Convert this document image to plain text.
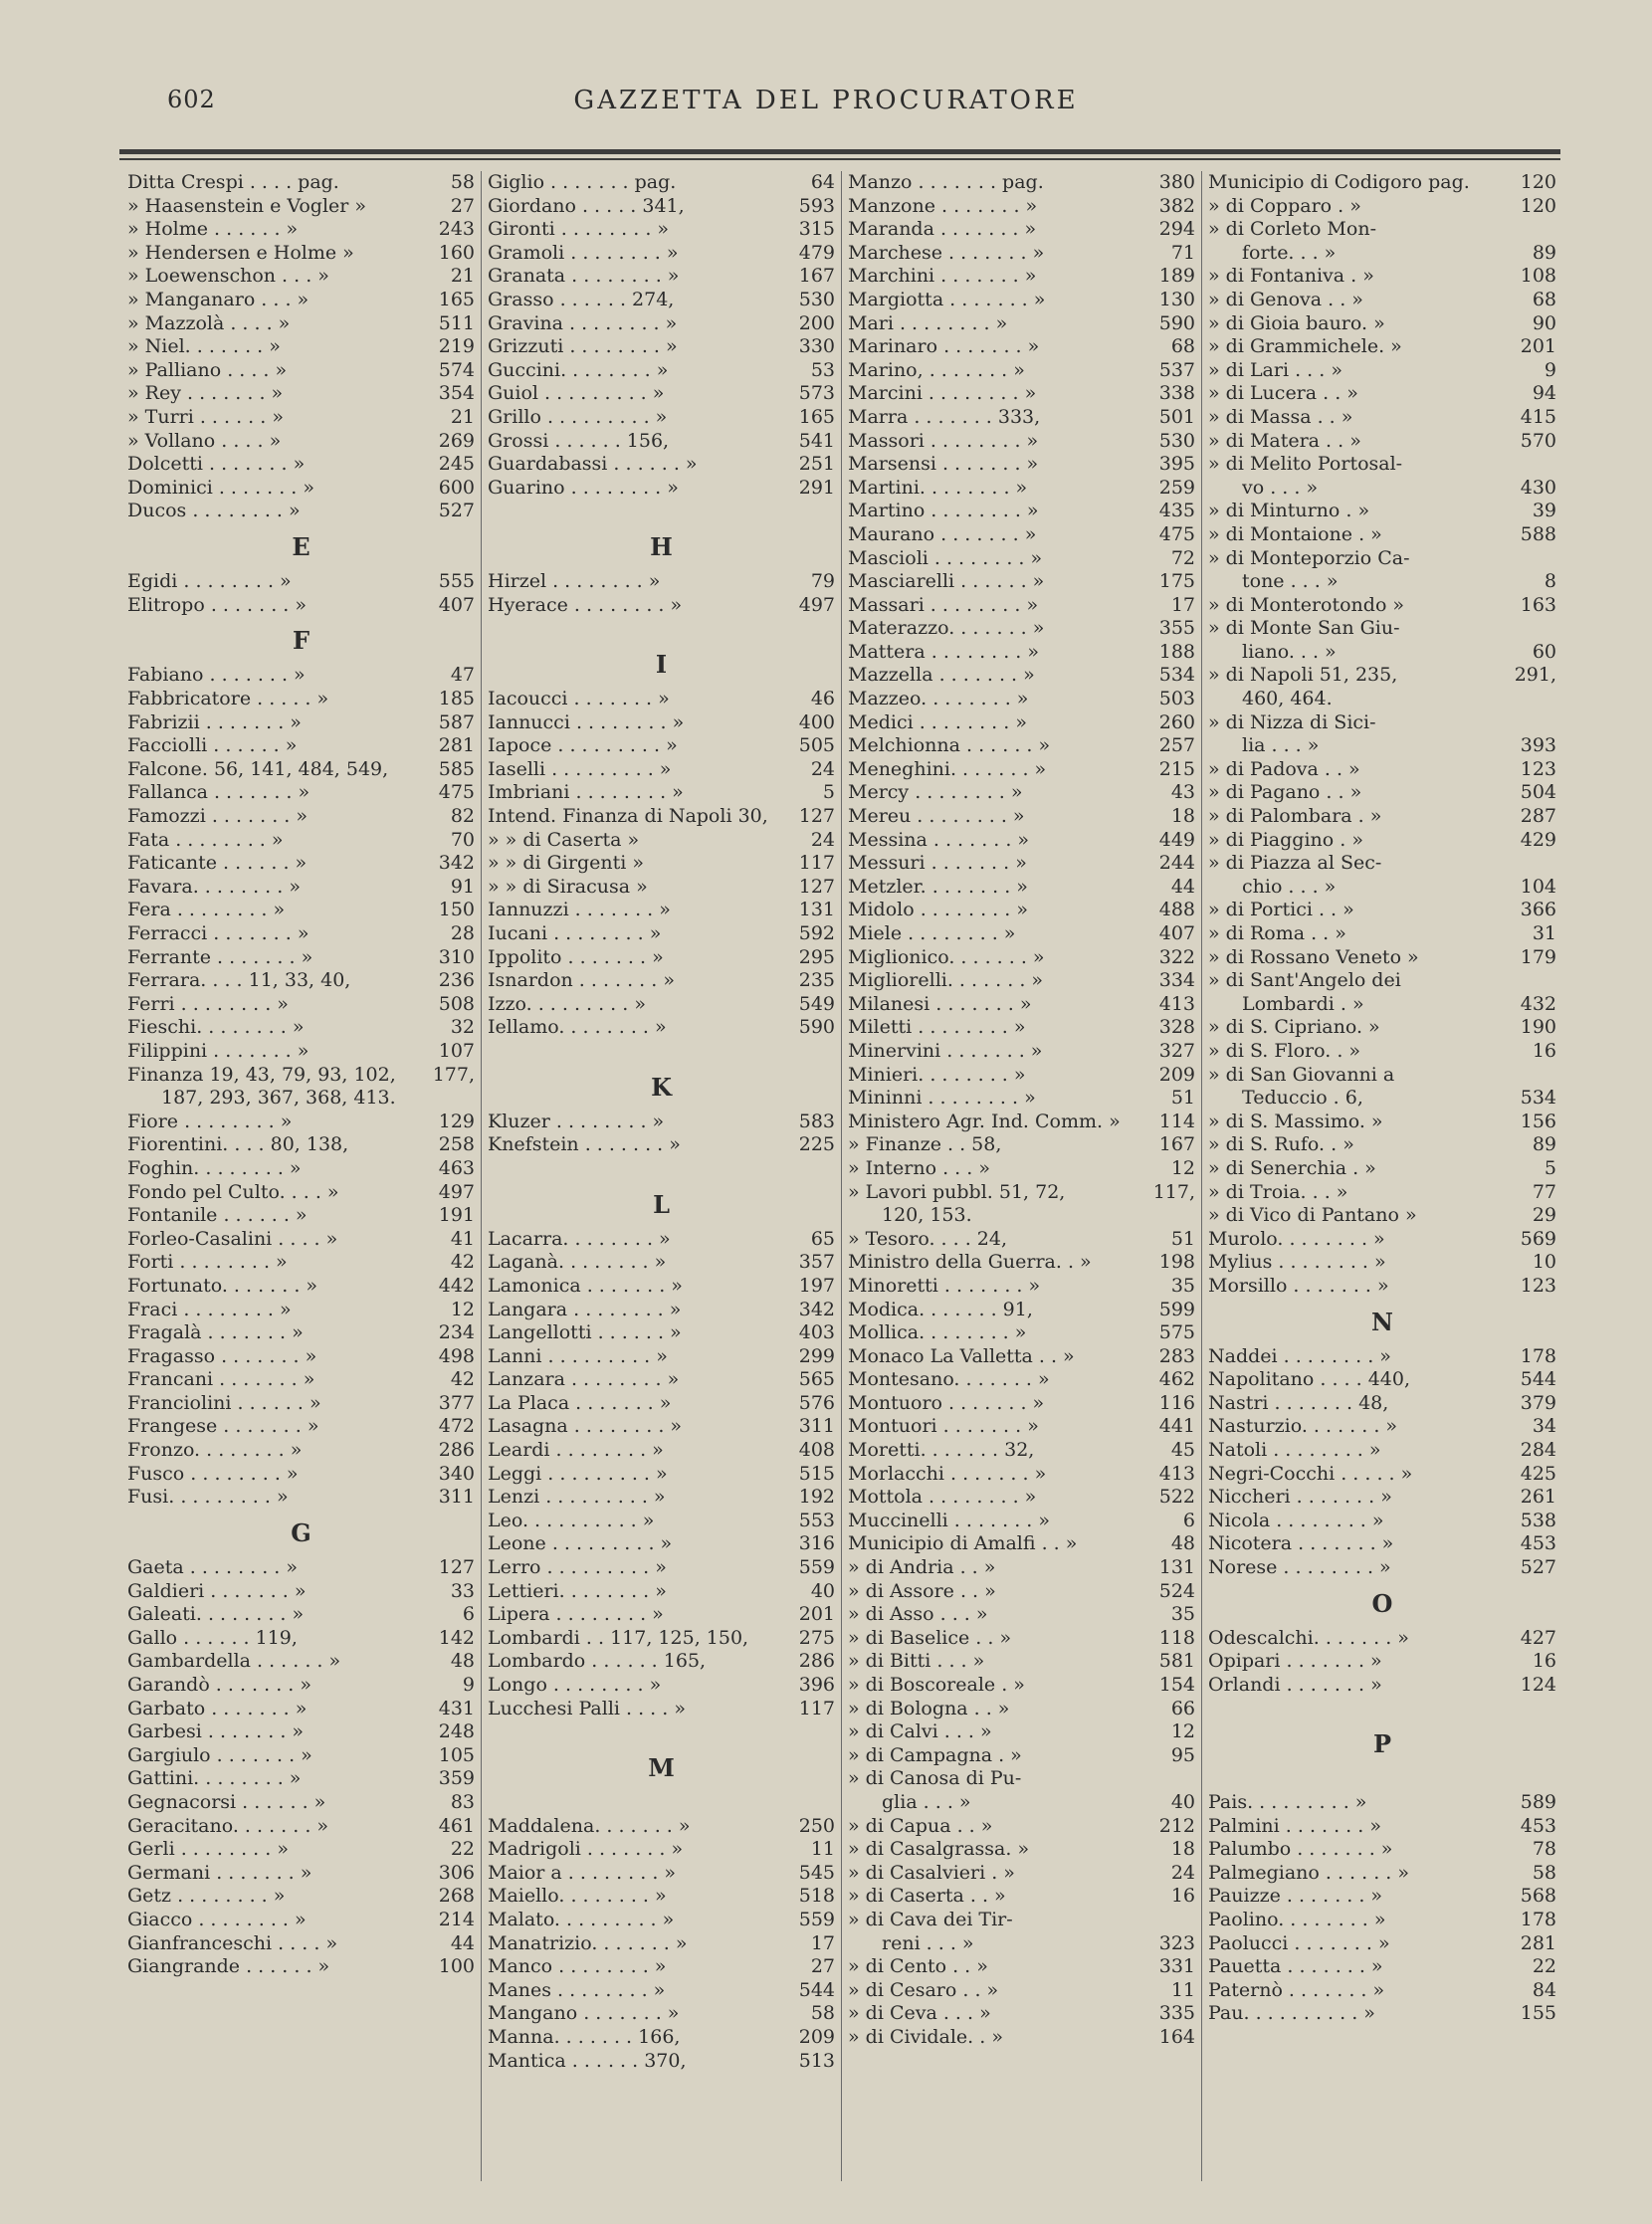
602	GAZZETTA DEL PROCURATORE
Ditta Crespi . . . . pag.	58
» Haasenstein e Vogler »	27
» Holme . . . . . . »	243
» Hendersen e Holme »	160
» Loewenschon . . . »	21
» Manganaro . . . »	165
» Mazzolà . . . . »	511
» Niel. . . . . . . »	219
» Palliano . . . . »	574
» Rey . . . . . . . »	354
» Turri . . . . . . »	21
» Vollano . . . . »	269
Dolcetti . . . . . . . »	245
Dominici . . . . . . . »	600
Ducos . . . . . . . . »	527
E
Egidi . . . . . . . . »	555
Elitropo . . . . . . . »	407
F
Fabiano . . . . . . . »	47
Fabbricatore . . . . . »	185
Fabrizii . . . . . . . »	587
Facciolli . . . . . . »	281
Falcone. 56, 141, 484, 549,	585
Fallanca . . . . . . . »	475
Famozzi . . . . . . . »	82
Fata . . . . . . . . »	70
Faticante . . . . . . »	342
Favara. . . . . . . . »	91
Fera . . . . . . . . »	150
Ferracci . . . . . . . »	28
Ferrante . . . . . . . »	310
Ferrara. . . . 11, 33, 40,	236
Ferri . . . . . . . . »	508
Fieschi. . . . . . . . »	32
Filippini . . . . . . . »	107
Finanza 19, 43, 79, 93, 102,	177,
187, 293, 367, 368, 413.
Fiore . . . . . . . . »	129
Fiorentini. . . . 80, 138,	258
Foghin. . . . . . . . »	463
Fondo pel Culto. . . . »	497
Fontanile . . . . . . »	191
Forleo-Casalini . . . . »	41
Forti . . . . . . . . »	42
Fortunato. . . . . . . »	442
Fraci . . . . . . . . »	12
Fragalà . . . . . . . »	234
Fragasso . . . . . . . »	498
Francani . . . . . . . »	42
Franciolini . . . . . . »	377
Frangese . . . . . . . »	472
Fronzo. . . . . . . . »	286
Fusco . . . . . . . . »	340
Fusi. . . . . . . . . »	311
G
Gaeta . . . . . . . . »	127
Galdieri . . . . . . . »	33
Galeati. . . . . . . . »	6
Gallo . . . . . . 119,	142
Gambardella . . . . . . »	48
Garandò . . . . . . . »	9
Garbato . . . . . . . »	431
Garbesi . . . . . . . »	248
Gargiulo . . . . . . . »	105
Gattini. . . . . . . . »	359
Gegnacorsi . . . . . . »	83
Geracitano. . . . . . . »	461
Gerli . . . . . . . . »	22
Germani . . . . . . . »	306
Getz . . . . . . . . »	268
Giacco . . . . . . . . »	214
Gianfranceschi . . . . »	44
Giangrande . . . . . . »	100
Giglio . . . . . . . pag.	64
Giordano . . . . . 341,	593
Gironti . . . . . . . . »	315
Gramoli . . . . . . . . »	479
Granata . . . . . . . . »	167
Grasso . . . . . . 274,	530
Gravina . . . . . . . . »	200
Grizzuti . . . . . . . . »	330
Guccini. . . . . . . . »	53
Guiol . . . . . . . . . »	573
Grillo . . . . . . . . . »	165
Grossi . . . . . . 156,	541
Guardabassi . . . . . . »	251
Guarino . . . . . . . . »	291
H
Hirzel . . . . . . . . »	79
Hyerace . . . . . . . . »	497
I
Iacoucci . . . . . . . »	46
Iannucci . . . . . . . . »	400
Iapoce . . . . . . . . . »	505
Iaselli . . . . . . . . . »	24
Imbriani . . . . . . . . »	5
Intend. Finanza di Napoli 30,	127
» » di Caserta »	24
» » di Girgenti »	117
» » di Siracusa »	127
Iannuzzi . . . . . . . »	131
Iucani . . . . . . . . »	592
Ippolito . . . . . . . »	295
Isnardon . . . . . . . »	235
Izzo. . . . . . . . . »	549
Iellamo. . . . . . . . »	590
K
Kluzer . . . . . . . . »	583
Knefstein . . . . . . . »	225
L
Lacarra. . . . . . . . »	65
Laganà. . . . . . . . »	357
Lamonica . . . . . . . »	197
Langara . . . . . . . . »	342
Langellotti . . . . . . »	403
Lanni . . . . . . . . . »	299
Lanzara . . . . . . . . »	565
La Placa . . . . . . . »	576
Lasagna . . . . . . . . »	311
Leardi . . . . . . . . »	408
Leggi . . . . . . . . . »	515
Lenzi . . . . . . . . . »	192
Leo. . . . . . . . . . »	553
Leone . . . . . . . . . »	316
Lerro . . . . . . . . . »	559
Lettieri. . . . . . . . »	40
Lipera . . . . . . . . »	201
Lombardi . . 117, 125, 150,	275
Lombardo . . . . . . 165,	286
Longo . . . . . . . . »	396
Lucchesi Palli . . . . »	117
M
Maddalena. . . . . . . »	250
Madrigoli . . . . . . . »	11
Maior a . . . . . . . . »	545
Maiello. . . . . . . . »	518
Malato. . . . . . . . . »	559
Manatrizio. . . . . . . »	17
Manco . . . . . . . . »	27
Manes . . . . . . . . »	544
Mangano . . . . . . . »	58
Manna. . . . . . . 166,	209
Mantica . . . . . . 370,	513
Manzo . . . . . . . pag.	380
Manzone . . . . . . . »	382
Maranda . . . . . . . »	294
Marchese . . . . . . . »	71
Marchini . . . . . . . »	189
Margiotta . . . . . . . »	130
Mari . . . . . . . . »	590
Marinaro . . . . . . . »	68
Marino, . . . . . . . »	537
Marcini . . . . . . . . »	338
Marra . . . . . . . 333,	501
Massori . . . . . . . . »	530
Marsensi . . . . . . . »	395
Martini. . . . . . . . »	259
Martino . . . . . . . . »	435
Maurano . . . . . . . »	475
Mascioli . . . . . . . . »	72
Masciarelli . . . . . . »	175
Massari . . . . . . . . »	17
Materazzo. . . . . . . »	355
Mattera . . . . . . . . »	188
Mazzella . . . . . . . »	534
Mazzeo. . . . . . . . »	503
Medici . . . . . . . . »	260
Melchionna . . . . . . »	257
Meneghini. . . . . . . »	215
Mercy . . . . . . . . »	43
Mereu . . . . . . . . »	18
Messina . . . . . . . »	449
Messuri . . . . . . . »	244
Metzler. . . . . . . . »	44
Midolo . . . . . . . . »	488
Miele . . . . . . . . »	407
Miglionico. . . . . . . »	322
Migliorelli. . . . . . . »	334
Milanesi . . . . . . . »	413
Miletti . . . . . . . . »	328
Minervini . . . . . . . »	327
Minieri. . . . . . . . »	209
Mininni . . . . . . . . »	51
Ministero Agr. Ind. Comm. »	114
» Finanze . . 58,	167
» Interno . . . »	12
» Lavori pubbl. 51, 72,	117,
120, 153.
» Tesoro. . . . 24,	51
Ministro della Guerra. . »	198
Minoretti . . . . . . . »	35
Modica. . . . . . . 91,	599
Mollica. . . . . . . . »	575
Monaco La Valletta . . »	283
Montesano. . . . . . . »	462
Montuoro . . . . . . . »	116
Montuori . . . . . . . »	441
Moretti. . . . . . . 32,	45
Morlacchi . . . . . . . »	413
Mottola . . . . . . . . »	522
Muccinelli . . . . . . . »	6
Municipio di Amalfi . . »	48
» di Andria . . »	131
» di Assore . . »	524
» di Asso . . . »	35
» di Baselice . . »	118
» di Bitti . . . »	581
» di Boscoreale . »	154
» di Bologna . . »	66
» di Calvi . . . »	12
» di Campagna . »	95
» di Canosa di Pu-
glia . . . »	40
» di Capua . . »	212
» di Casalgrassa. »	18
» di Casalvieri . »	24
» di Caserta . . »	16
» di Cava dei Tir-
reni . . . »	323
» di Cento . . »	331
» di Cesaro . . »	11
» di Ceva . . . »	335
» di Cividale. . »	164
Municipio di Codigoro pag.	120
» di Copparo . »	120
» di Corleto Mon-
forte. . . »	89
» di Fontaniva . »	108
» di Genova . . »	68
» di Gioia bauro. »	90
» di Grammichele. »	201
» di Lari . . . »	9
» di Lucera . . »	94
» di Massa . . »	415
» di Matera . . »	570
» di Melito Portosal-
vo . . . »	430
» di Minturno . »	39
» di Montaione . »	588
» di Monteporzio Ca-
tone . . . »	8
» di Monterotondo »	163
» di Monte San Giu-
liano. . . »	60
» di Napoli 51, 235,	291,
460, 464.
» di Nizza di Sici-
lia . . . »	393
» di Padova . . »	123
» di Pagano . . »	504
» di Palombara . »	287
» di Piaggino . »	429
» di Piazza al Sec-
chio . . . »	104
» di Portici . . »	366
» di Roma . . »	31
» di Rossano Veneto »	179
» di Sant'Angelo dei
Lombardi . »	432
» di S. Cipriano. »	190
» di S. Floro. . »	16
» di San Giovanni a
Teduccio . 6,	534
» di S. Massimo. »	156
» di S. Rufo. . »	89
» di Senerchia . »	5
» di Troia. . . »	77
» di Vico di Pantano »	29
Murolo. . . . . . . . »	569
Mylius . . . . . . . . »	10
Morsillo . . . . . . . »	123
N
Naddei . . . . . . . . »	178
Napolitano . . . . 440,	544
Nastri . . . . . . . 48,	379
Nasturzio. . . . . . . »	34
Natoli . . . . . . . . »	284
Negri-Cocchi . . . . . »	425
Niccheri . . . . . . . »	261
Nicola . . . . . . . . »	538
Nicotera . . . . . . . »	453
Norese . . . . . . . . »	527
O
Odescalchi. . . . . . . »	427
Opipari . . . . . . . »	16
Orlandi . . . . . . . »	124
P
Pais. . . . . . . . . »	589
Palmini . . . . . . . »	453
Palumbo . . . . . . . »	78
Palmegiano . . . . . . »	58
Pauizze . . . . . . . »	568
Paolino. . . . . . . . »	178
Paolucci . . . . . . . »	281
Pauetta . . . . . . . »	22
Paternò . . . . . . . »	84
Pau. . . . . . . . . . »	155
